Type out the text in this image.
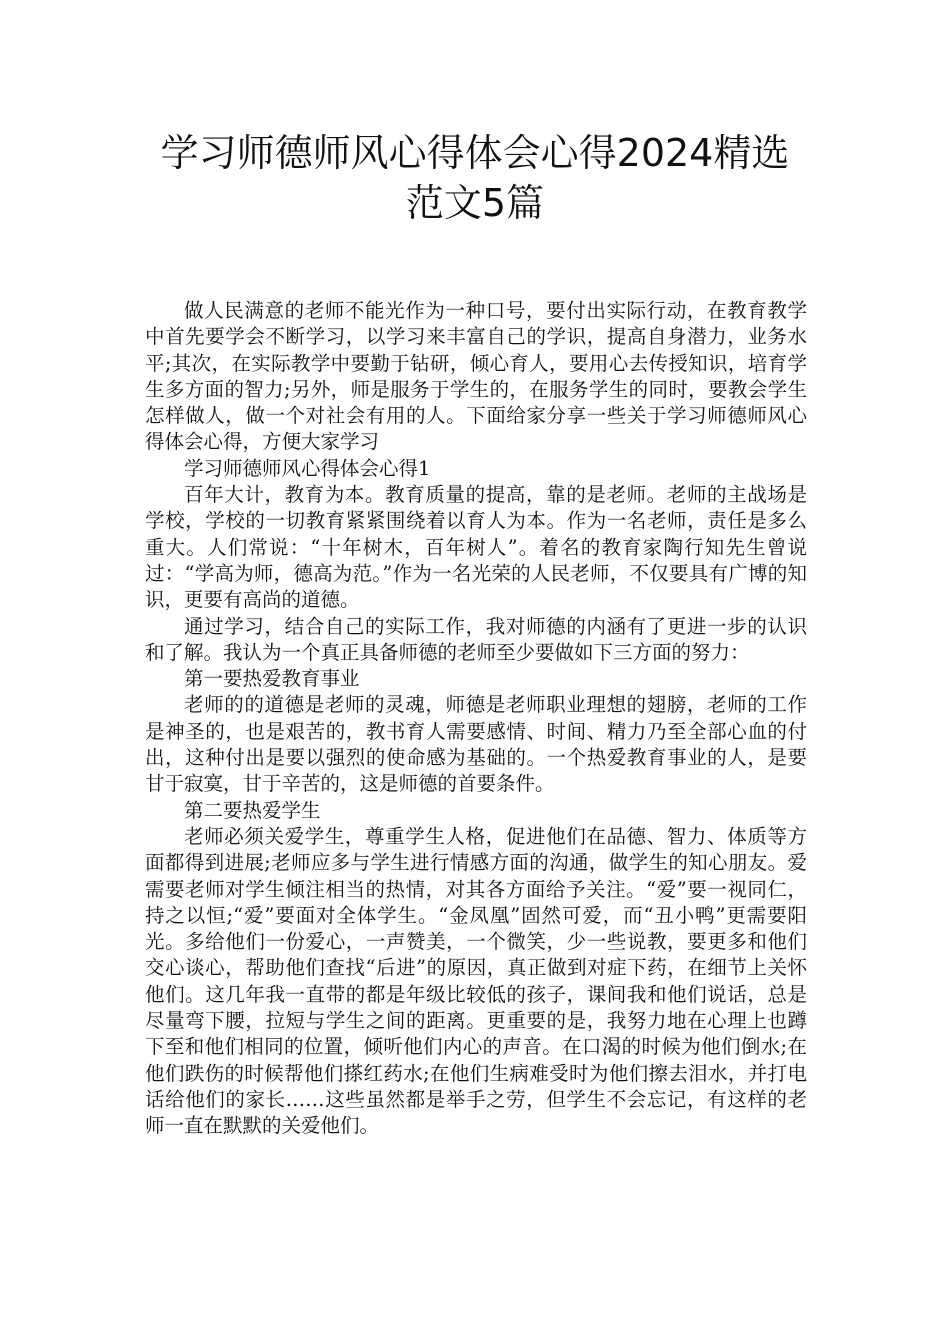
学习师德师风心得体会心得2024精选范文5篇

做人民满意的老师不能光作为一种口号，要付出实际行动，在教育教学中首先要学会不断学习，以学习来丰富自己的学识，提高自身潜力，业务水平;其次，在实际教学中要勤于钻研，倾心育人，要用心去传授知识，培育学生多方面的智力;另外，师是服务于学生的，在服务学生的同时，要教会学生怎样做人，做一个对社会有用的人。下面给家分享一些关于学习师德师风心得体会心得，方便大家学习

学习师德师风心得体会心得1

百年大计，教育为本。教育质量的提高，靠的是老师。老师的主战场是学校，学校的一切教育紧紧围绕着以育人为本。作为一名老师，责任是多么重大。人们常说：“十年树木，百年树人”。着名的教育家陶行知先生曾说过：“学高为师，德高为范。”作为一名光荣的人民老师，不仅要具有广博的知识，更要有高尚的道德。

通过学习，结合自己的实际工作，我对师德的内涵有了更进一步的认识和了解。我认为一个真正具备师德的老师至少要做如下三方面的努力：

第一要热爱教育事业

老师的的道德是老师的灵魂，师德是老师职业理想的翅膀，老师的工作是神圣的，也是艰苦的，教书育人需要感情、时间、精力乃至全部心血的付出，这种付出是要以强烈的使命感为基础的。一个热爱教育事业的人，是要甘于寂寞，甘于辛苦的，这是师德的首要条件。

第二要热爱学生

老师必须关爱学生，尊重学生人格，促进他们在品德、智力、体质等方面都得到进展;老师应多与学生进行情感方面的沟通，做学生的知心朋友。爱需要老师对学生倾注相当的热情，对其各方面给予关注。“爱”要一视同仁，持之以恒;“爱”要面对全体学生。“金凤凰”固然可爱，而“丑小鸭”更需要阳光。多给他们一份爱心，一声赞美，一个微笑，少一些说教，要更多和他们交心谈心，帮助他们查找“后进”的原因，真正做到对症下药，在细节上关怀他们。这几年我一直带的都是年级比较低的孩子，课间我和他们说话，总是尽量弯下腰，拉短与学生之间的距离。更重要的是，我努力地在心理上也蹲下至和他们相同的位置，倾听他们内心的声音。在口渴的时候为他们倒水;在他们跌伤的时候帮他们搽红药水;在他们生病难受时为他们擦去泪水，并打电话给他们的家长……这些虽然都是举手之劳，但学生不会忘记，有这样的老师一直在默默的关爱他们。
